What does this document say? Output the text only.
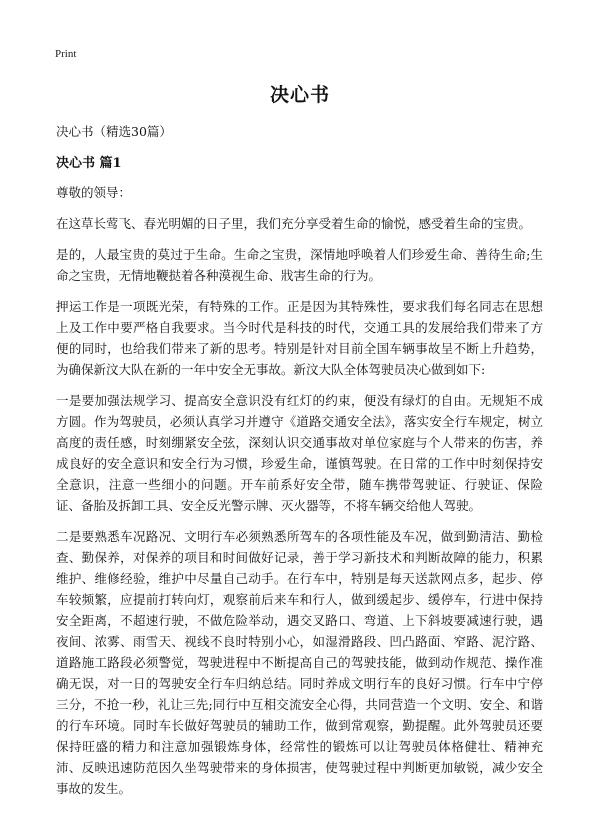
Print
决心书
决心书（精选30篇）
决心书 篇1

尊敬的领导：

在这草长莺飞、春光明媚的日子里，我们充分享受着生命的愉悦，感受着生命的宝贵。

是的，人最宝贵的莫过于生命。生命之宝贵，深情地呼唤着人们珍爱生命、善待生命;生命之宝贵，无情地鞭挞着各种漠视生命、戕害生命的行为。

押运工作是一项既光荣，有特殊的工作。正是因为其特殊性，要求我们每名同志在思想上及工作中要严格自我要求。当今时代是科技的时代，交通工具的发展给我们带来了方便的同时，也给我们带来了新的思考。特别是针对目前全国车辆事故呈不断上升趋势，为确保新汶大队在新的一年中安全无事故。新汶大队全体驾驶员决心做到如下:

一是要加强法规学习、提高安全意识没有红灯的约束，便没有绿灯的自由。无规矩不成方圆。作为驾驶员，必须认真学习并遵守《道路交通安全法》，落实安全行车规定，树立高度的责任感，时刻绷紧安全弦，深刻认识交通事故对单位家庭与个人带来的伤害，养成良好的安全意识和安全行为习惯，珍爱生命，谨慎驾驶。在日常的工作中时刻保持安全意识，注意一些细小的问题。开车前系好安全带，随车携带驾驶证、行驶证、保险证、备胎及拆卸工具、安全反光警示牌、灭火器等，不将车辆交给他人驾驶。

二是要熟悉车况路况、文明行车必须熟悉所驾车的各项性能及车况，做到勤清洁、勤检查、勤保养，对保养的项目和时间做好记录，善于学习新技术和判断故障的能力，积累维护、维修经验，维护中尽量自己动手。在行车中，特别是每天送款网点多，起步、停车较频繁，应提前打转向灯，观察前后来车和行人，做到缓起步、缓停车，行进中保持安全距离，不超速行驶，不做危险举动，遇交叉路口、弯道、上下斜坡要减速行驶，遇夜间、浓雾、雨雪天、视线不良时特别小心，如湿滑路段、凹凸路面、窄路、泥泞路、道路施工路段必须警觉，驾驶进程中不断提高自己的驾驶技能，做到动作规范、操作准确无误，对一日的驾驶安全行车归纳总结。同时养成文明行车的良好习惯。行车中宁停三分，不抢一秒，礼让三先;同行中互相交流安全心得，共同营造一个文明、安全、和谐的行车环境。同时车长做好驾驶员的辅助工作，做到常观察，勤提醒。此外驾驶员还要保持旺盛的精力和注意加强锻炼身体，经常性的锻炼可以让驾驶员体格健壮、精神充沛、反映迅速防范因久坐驾驶带来的身体损害，使驾驶过程中判断更加敏锐，减少安全事故的发生。
